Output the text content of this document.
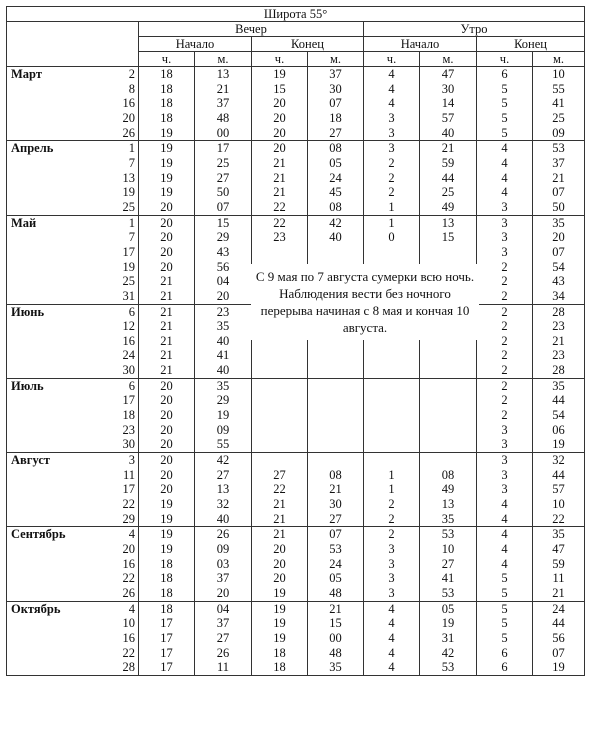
Широта 55°									
		Вечер				Утро			
		Начало		Конец		Начало		Конец	
		ч.	м.	ч.	м.	ч.	м.	ч.	м.
Март	2	18	13	19	37	4	47	6	10
	8	18	21	15	30	4	30	5	55
	16	18	37	20	07	4	14	5	41
	20	18	48	20	18	3	57	5	25
	26	19	00	20	27	3	40	5	09
Апрель	1	19	17	20	08	3	21	4	53
	7	19	25	21	05	2	59	4	37
	13	19	27	21	24	2	44	4	21
	19	19	50	21	45	2	25	4	07
	25	20	07	22	08	1	49	3	50
Май	1	20	15	22	42	1	13	3	35
	7	20	29	23	40	0	15	3	20
	17	20	43					3	07
	19	20	56					2	54
	25	21	04					2	43
	31	21	20					2	34
Июнь	6	21	23					2	28
	12	21	35					2	23
	16	21	40					2	21
	24	21	41					2	23
	30	21	40					2	28
Июль	6	20	35					2	35
	17	20	29					2	44
	18	20	19					2	54
	23	20	09					3	06
	30	20	55					3	19
Август	3	20	42					3	32
	11	20	27	27	08	1	08	3	44
	17	20	13	22	21	1	49	3	57
	22	19	32	21	30	2	13	4	10
	29	19	40	21	27	2	35	4	22
Сентябрь	4	19	26	21	07	2	53	4	35
	20	19	09	20	53	3	10	4	47
	16	18	03	20	24	3	27	4	59
	22	18	37	20	05	3	41	5	11
	26	18	20	19	48	3	53	5	21
Октябрь	4	18	04	19	21	4	05	5	24
	10	17	37	19	15	4	19	5	44
	16	17	27	19	00	4	31	5	56
	22	17	26	18	48	4	42	6	07
	28	17	11	18	35	4	53	6	19
С 9 мая по 7 августа сумерки всю ночь. Наблюдения вести без ночного перерыва начиная с 8 мая и кончая 10 августа.
